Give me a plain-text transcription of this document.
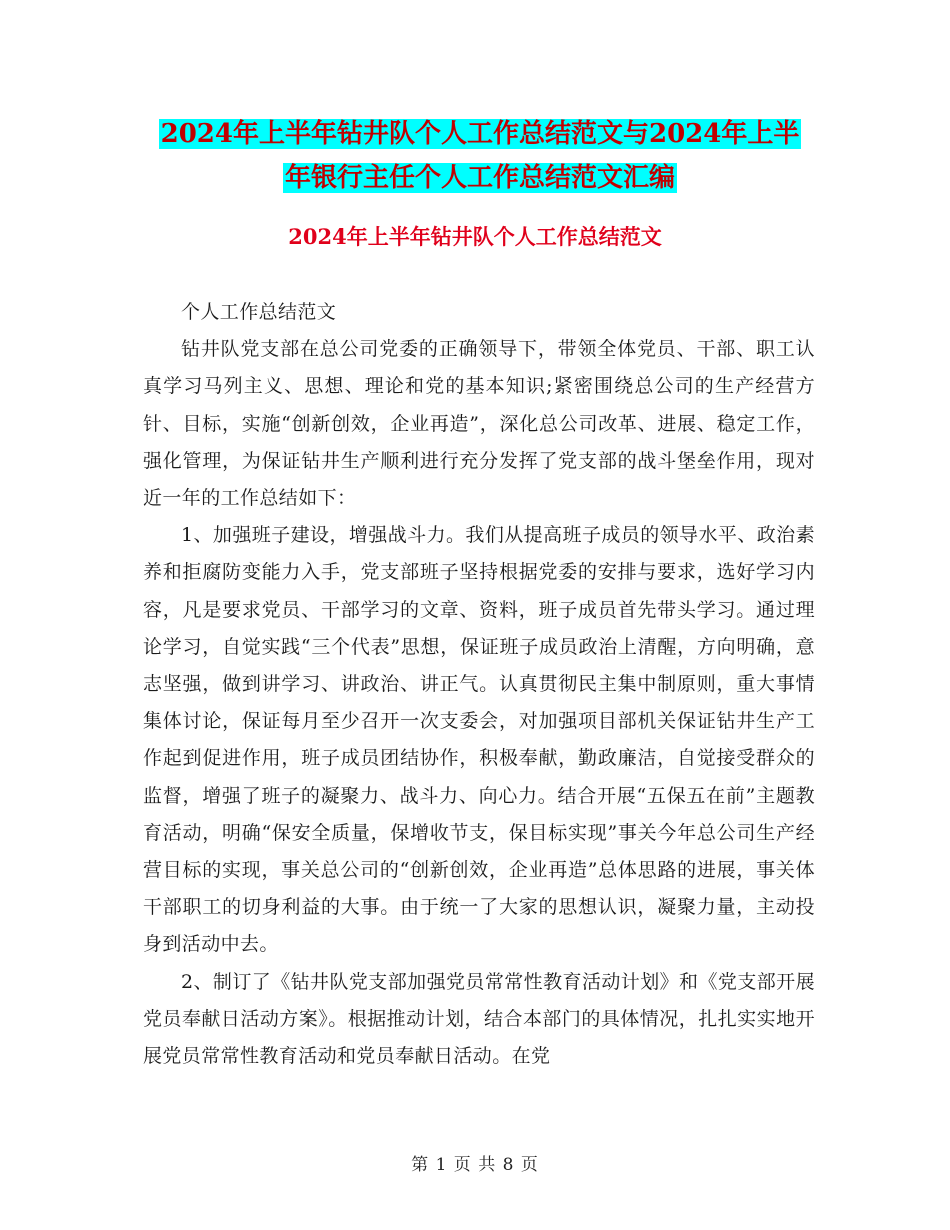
2024年上半年钻井队个人工作总结范文与2024年上半
年银行主任个人工作总结范文汇编
2024年上半年钻井队个人工作总结范文

个人工作总结范文

钻井队党支部在总公司党委的正确领导下，带领全体党员、干部、职工认真学习马列主义、思想、理论和党的基本知识;紧密围绕总公司的生产经营方针、目标，实施“创新创效，企业再造”，深化总公司改革、进展、稳定工作，强化管理，为保证钻井生产顺利进行充分发挥了党支部的战斗堡垒作用，现对近一年的工作总结如下：

1、加强班子建设，增强战斗力。我们从提高班子成员的领导水平、政治素养和拒腐防变能力入手，党支部班子坚持根据党委的安排与要求，选好学习内容，凡是要求党员、干部学习的文章、资料，班子成员首先带头学习。通过理论学习，自觉实践“三个代表”思想，保证班子成员政治上清醒，方向明确，意志坚强，做到讲学习、讲政治、讲正气。认真贯彻民主集中制原则，重大事情集体讨论，保证每月至少召开一次支委会，对加强项目部机关保证钻井生产工作起到促进作用，班子成员团结协作，积极奉献，勤政廉洁，自觉接受群众的监督，增强了班子的凝聚力、战斗力、向心力。结合开展“五保五在前”主题教育活动，明确“保安全质量，保增收节支，保目标实现”事关今年总公司生产经营目标的实现，事关总公司的“创新创效，企业再造”总体思路的进展，事关体干部职工的切身利益的大事。由于统一了大家的思想认识，凝聚力量，主动投身到活动中去。

2、制订了《钻井队党支部加强党员常常性教育活动计划》和《党支部开展党员奉献日活动方案》。根据推动计划，结合本部门的具体情况，扎扎实实地开展党员常常性教育活动和党员奉献日活动。在党

第 1 页 共 8 页
